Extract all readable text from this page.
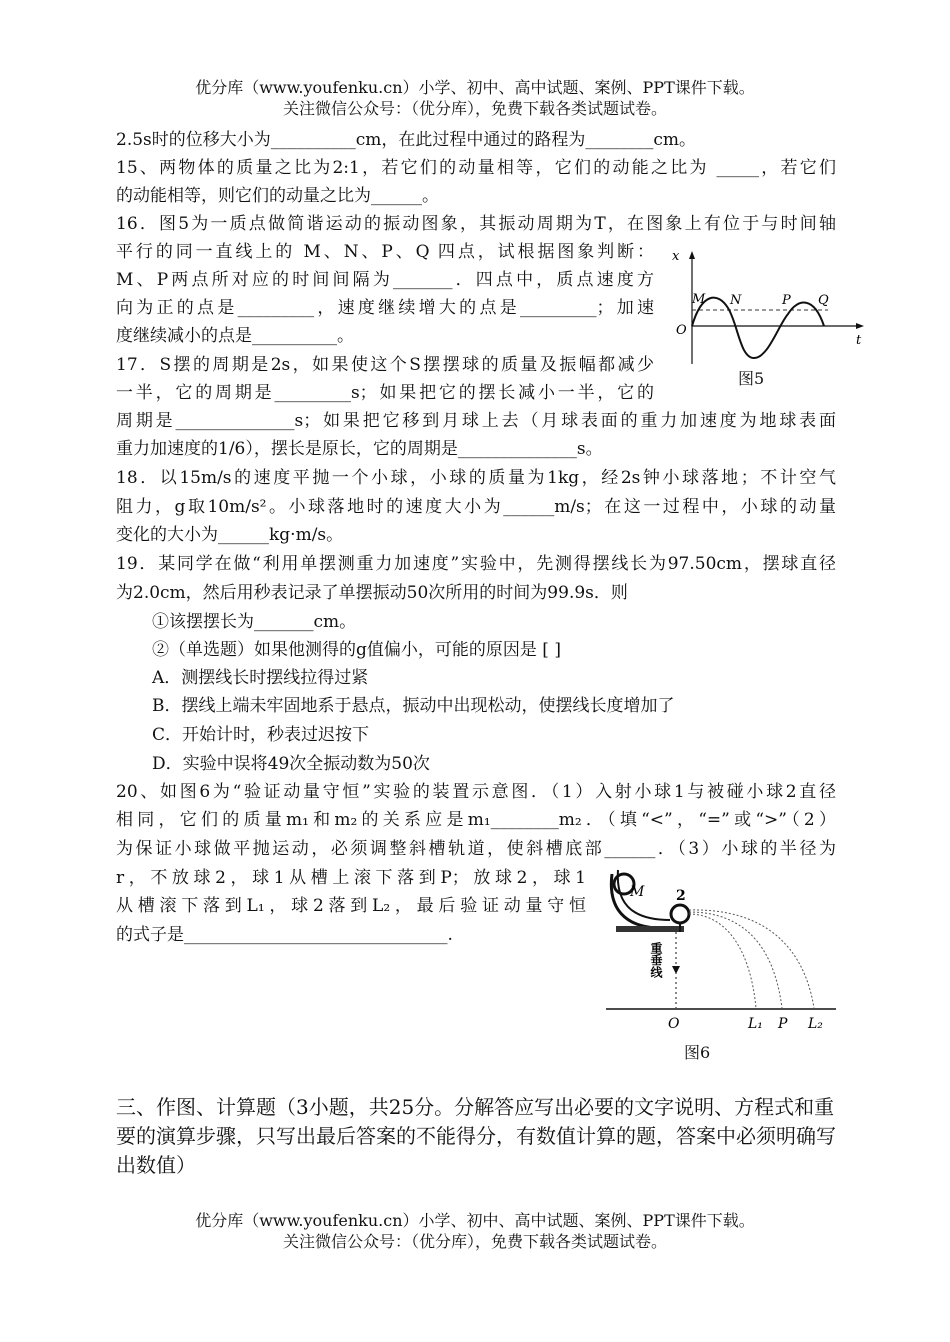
优分库（www.youfenku.cn）小学、初中、高中试题、案例、PPT课件下载。
关注微信公众号：（优分库），免费下载各类试题试卷。
2.5s时的位移大小为__________cm，在此过程中通过的路程为________cm。
15、两物体的质量之比为2:1，若它们的动量相等，它们的动能之比为 _____，若它们
的动能相等，则它们的动量之比为______。
16．图5为一质点做简谐运动的振动图象，其振动周期为T，在图象上有位于与时间轴
平行的同一直线上的 M、N、P、Q 四点，试根据图象判断：
M、P两点所对应的时间间隔为_______．四点中，质点速度方
向为正的点是_________，速度继续增大的点是_________；加速
度继续减小的点是__________。
17．S摆的周期是2s，如果使这个S摆摆球的质量及振幅都减少
一半，它的周期是_________s；如果把它的摆长减小一半，它的
周期是______________s；如果把它移到月球上去（月球表面的重力加速度为地球表面
重力加速度的1/6），摆长是原长，它的周期是______________s。
18．以15m/s的速度平抛一个小球，小球的质量为1kg，经2s钟小球落地；不计空气
阻力，g取10m/s²。小球落地时的速度大小为______m/s；在这一过程中，小球的动量
变化的大小为______kg·m/s。
19．某同学在做“利用单摆测重力加速度”实验中，先测得摆线长为97.50cm，摆球直径
为2.0cm，然后用秒表记录了单摆振动50次所用的时间为99.9s．则
①该摆摆长为_______cm。
②（单选题）如果他测得的g值偏小，可能的原因是 [ ]
A．测摆线长时摆线拉得过紧
B．摆线上端未牢固地系于悬点，振动中出现松动，使摆线长度增加了
C．开始计时，秒表过迟按下
D．实验中误将49次全振动数为50次
20、如图6为“验证动量守恒”实验的装置示意图．（1）入射小球1与被碰小球2直径
相同，它们的质量m₁和m₂的关系应是m₁________m₂．（填“<”，“=”或“>”（2）
为保证小球做平抛运动，必须调整斜槽轨道，使斜槽底部______．（3）小球的半径为
r，不放球2，球1从槽上滚下落到P；放球2，球1
从槽滚下落到L₁，球2落到L₂，最后验证动量守恒
的式子是_______________________________.
x
t
O
M N	P Q
图5
M 2
重垂线
O	L₁ P L₂
图6
三、作图、计算题（3小题，共25分。分解答应写出必要的文字说明、方程式和重要的演算步骤，只写出最后答案的不能得分，有数值计算的题，答案中必须明确写出数值）
优分库（www.youfenku.cn）小学、初中、高中试题、案例、PPT课件下载。
关注微信公众号：（优分库），免费下载各类试题试卷。
